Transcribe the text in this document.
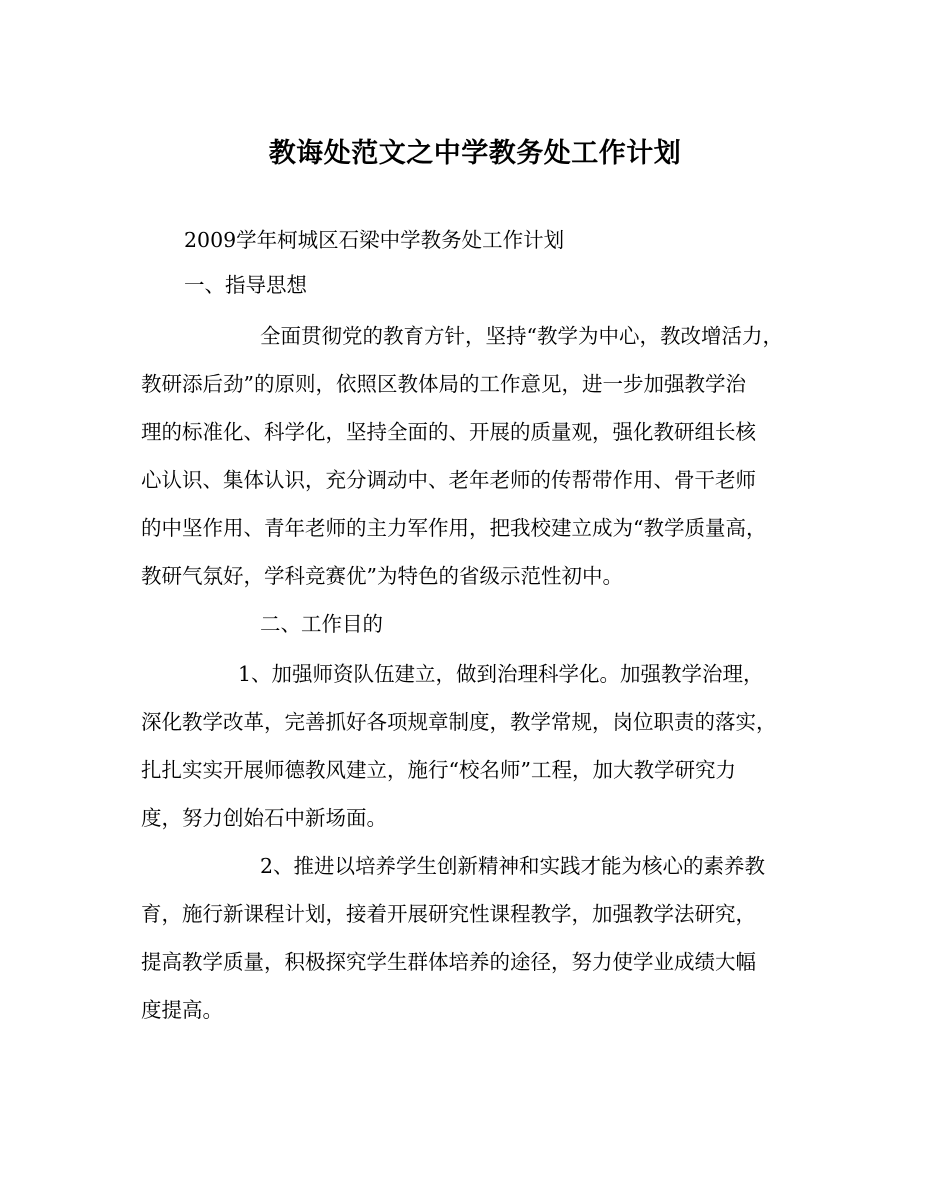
教诲处范文之中学教务处工作计划
2009学年柯城区石梁中学教务处工作计划
一、指导思想
全面贯彻党的教育方针，坚持“教学为中心，教改增活力，
教研添后劲”的原则，依照区教体局的工作意见，进一步加强教学治
理的标准化、科学化，坚持全面的、开展的质量观，强化教研组长核
心认识、集体认识，充分调动中、老年老师的传帮带作用、骨干老师
的中坚作用、青年老师的主力军作用，把我校建立成为“教学质量高，
教研气氛好，学科竞赛优”为特色的省级示范性初中。
二、工作目的
1、加强师资队伍建立，做到治理科学化。加强教学治理，
深化教学改革，完善抓好各项规章制度，教学常规，岗位职责的落实，
扎扎实实开展师德教风建立，施行“校名师”工程，加大教学研究力
度，努力创始石中新场面。
2、推进以培养学生创新精神和实践才能为核心的素养教
育，施行新课程计划，接着开展研究性课程教学，加强教学法研究，
提高教学质量，积极探究学生群体培养的途径，努力使学业成绩大幅
度提高。
